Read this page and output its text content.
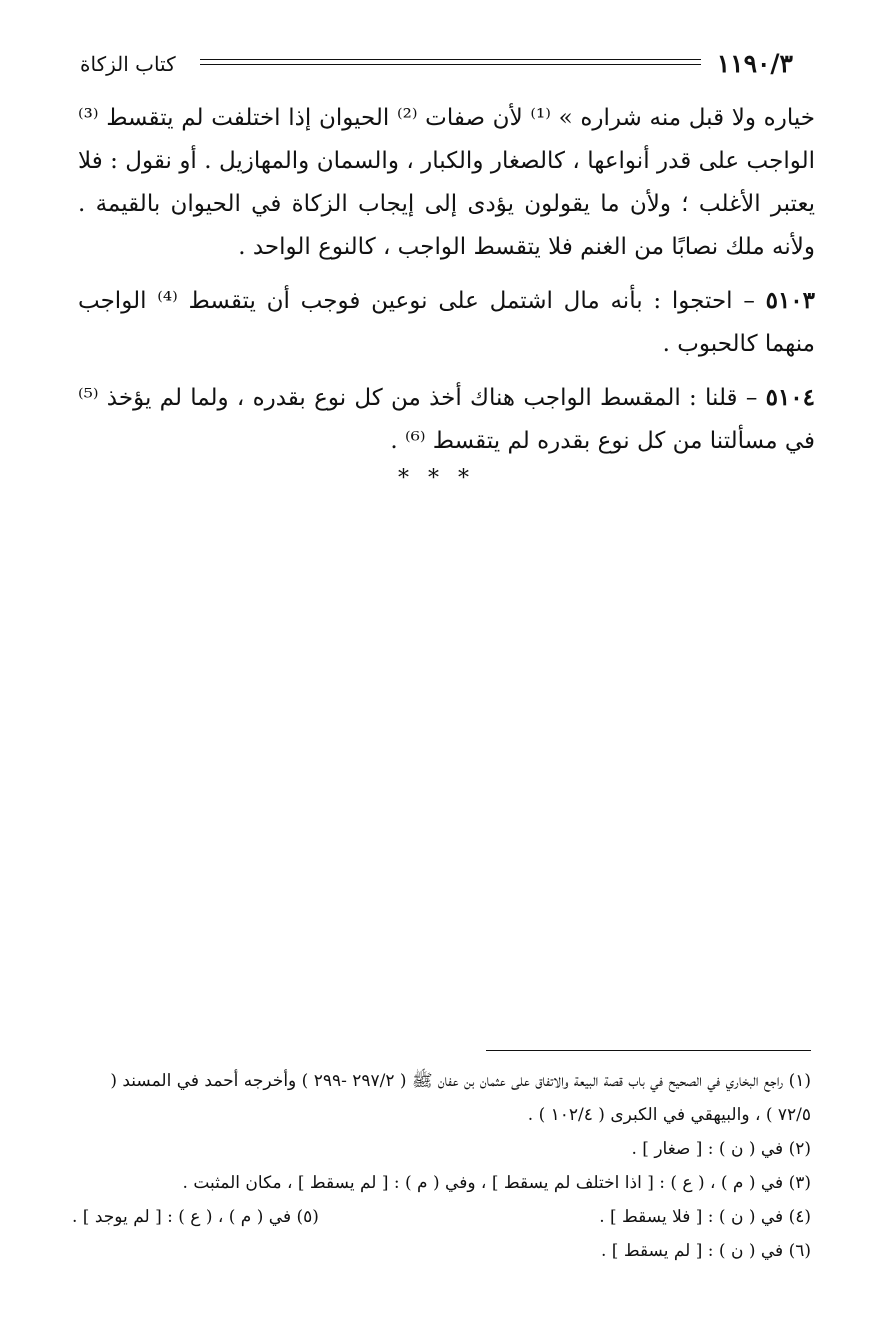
١١٩٠/٣
كتاب الزكاة

خياره ولا قبل منه شراره » ⁽¹⁾ لأن صفات ⁽²⁾ الحيوان إذا اختلفت لم يتقسط ⁽³⁾ الواجب على قدر أنواعها ، كالصغار والكبار ، والسمان والمهازيل . أو نقول : فلا يعتبر الأغلب ؛ ولأن ما يقولون يؤدى إلى إيجاب الزكاة في الحيوان بالقيمة . ولأنه ملك نصابًا من الغنم فلا يتقسط الواجب ، كالنوع الواحد .

٥١٠٣ – احتجوا : بأنه مال اشتمل على نوعين فوجب أن يتقسط ⁽⁴⁾ الواجب منهما كالحبوب .

٥١٠٤ – قلنا : المقسط الواجب هناك أخذ من كل نوع بقدره ، ولما لم يؤخذ ⁽⁵⁾ في مسألتنا من كل نوع بقدره لم يتقسط ⁽⁶⁾ .

* * *

(١) راجع البخاري في الصحيح في باب قصة البيعة والاتفاق على عثمان بن عفان ﷺ ( ٢٩٧/٢ -٢٩٩ ) وأخرجه أحمد في المسند ( ٧٢/٥ ) ، والبيهقي في الكبرى ( ١٠٢/٤ ) .

(٢) في ( ن ) : [ صغار ] .

(٣) في ( م ) ، ( ع ) : [ اذا اختلف لم يسقط ] ، وفي ( م ) : [ لم يسقط ] ، مكان المثبت .

(٤) في ( ن ) : [ فلا يسقط ] .

(٥) في ( م ) ، ( ع ) : [ لم يوجد ] .

(٦) في ( ن ) : [ لم يسقط ] .
